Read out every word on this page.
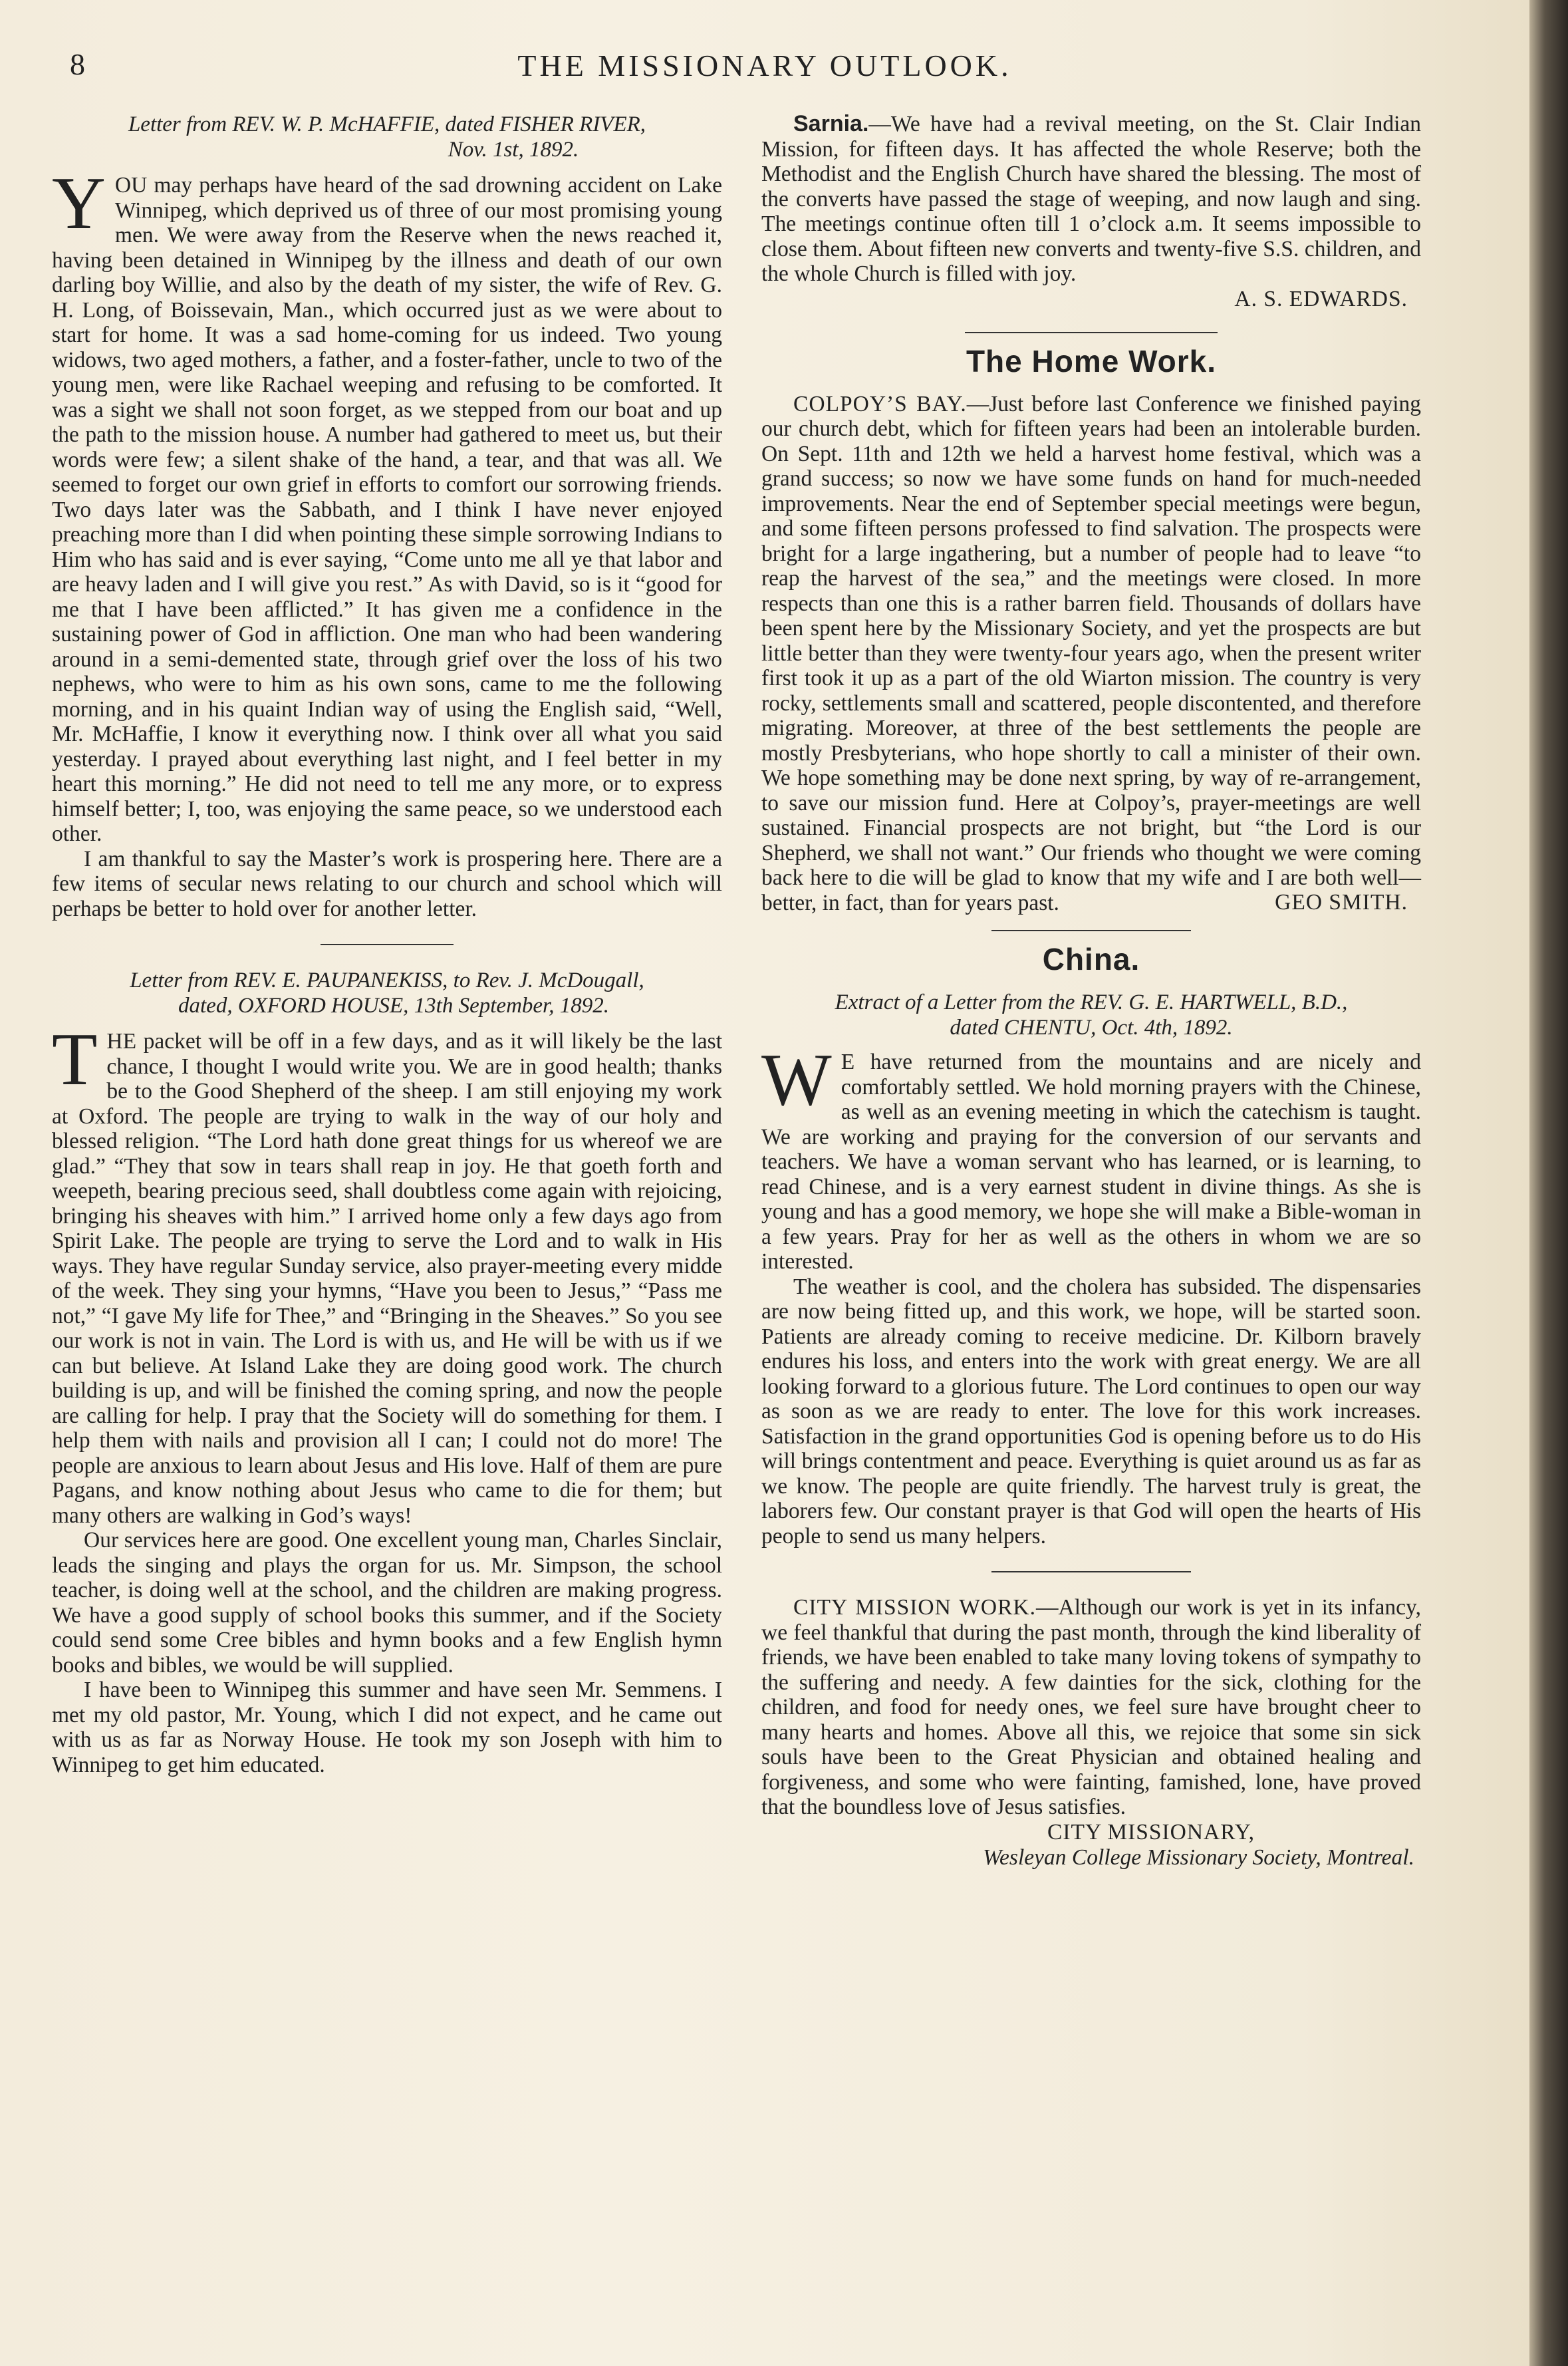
8	THE MISSIONARY OUTLOOK.

Letter from REV. W. P. McHAFFIE, dated FISHER RIVER,
Nov. 1st, 1892.

YOU may perhaps have heard of the sad drowning accident on Lake Winnipeg, which deprived us of three of our most promising young men. We were away from the Reserve when the news reached it, having been detained in Winnipeg by the illness and death of our own darling boy Willie, and also by the death of my sister, the wife of Rev. G. H. Long, of Boissevain, Man., which occurred just as we were about to start for home. It was a sad home-coming for us indeed. Two young widows, two aged mothers, a father, and a foster-father, uncle to two of the young men, were like Rachael weeping and refusing to be comforted. It was a sight we shall not soon forget, as we stepped from our boat and up the path to the mission house. A number had gathered to meet us, but their words were few; a silent shake of the hand, a tear, and that was all. We seemed to forget our own grief in efforts to comfort our sorrowing friends. Two days later was the Sabbath, and I think I have never enjoyed preaching more than I did when pointing these simple sorrowing Indians to Him who has said and is ever saying, “Come unto me all ye that labor and are heavy laden and I will give you rest.” As with David, so is it “good for me that I have been afflicted.” It has given me a confidence in the sustaining power of God in affliction. One man who had been wandering around in a semi-demented state, through grief over the loss of his two nephews, who were to him as his own sons, came to me the following morning, and in his quaint Indian way of using the English said, “Well, Mr. McHaffie, I know it everything now. I think over all what you said yesterday. I prayed about everything last night, and I feel better in my heart this morning.” He did not need to tell me any more, or to express himself better; I, too, was enjoying the same peace, so we understood each other.

I am thankful to say the Master’s work is prospering here. There are a few items of secular news relating to our church and school which will perhaps be better to hold over for another letter.

Letter from REV. E. PAUPANEKISS, to Rev. J. McDougall,
dated, OXFORD HOUSE, 13th September, 1892.

THE packet will be off in a few days, and as it will likely be the last chance, I thought I would write you. We are in good health; thanks be to the Good Shepherd of the sheep. I am still enjoying my work at Oxford. The people are trying to walk in the way of our holy and blessed religion. “The Lord hath done great things for us whereof we are glad.” “They that sow in tears shall reap in joy. He that goeth forth and weepeth, bearing precious seed, shall doubtless come again with rejoicing, bringing his sheaves with him.” I arrived home only a few days ago from Spirit Lake. The people are trying to serve the Lord and to walk in His ways. They have regular Sunday service, also prayer-meeting every midde of the week. They sing your hymns, “Have you been to Jesus,” “Pass me not,” “I gave My life for Thee,” and “Bringing in the Sheaves.” So you see our work is not in vain. The Lord is with us, and He will be with us if we can but believe. At Island Lake they are doing good work. The church building is up, and will be finished the coming spring, and now the people are calling for help. I pray that the Society will do something for them. I help them with nails and provision all I can; I could not do more! The people are anxious to learn about Jesus and His love. Half of them are pure Pagans, and know nothing about Jesus who came to die for them; but many others are walking in God’s ways!

Our services here are good. One excellent young man, Charles Sinclair, leads the singing and plays the organ for us. Mr. Simpson, the school teacher, is doing well at the school, and the children are making progress. We have a good supply of school books this summer, and if the Society could send some Cree bibles and hymn books and a few English hymn books and bibles, we would be will supplied.

I have been to Winnipeg this summer and have seen Mr. Semmens. I met my old pastor, Mr. Young, which I did not expect, and he came out with us as far as Norway House. He took my son Joseph with him to Winnipeg to get him educated.

Sarnia.—We have had a revival meeting, on the St. Clair Indian Mission, for fifteen days. It has affected the whole Reserve; both the Methodist and the English Church have shared the blessing. The most of the converts have passed the stage of weeping, and now laugh and sing. The meetings continue often till 1 o’clock a.m. It seems impossible to close them. About fifteen new converts and twenty-five S.S. children, and the whole Church is filled with joy.

A. S. EDWARDS.
The Home Work.

COLPOY’S BAY.—Just before last Conference we finished paying our church debt, which for fifteen years had been an intolerable burden. On Sept. 11th and 12th we held a harvest home festival, which was a grand success; so now we have some funds on hand for much-needed improvements. Near the end of September special meetings were begun, and some fifteen persons professed to find salvation. The prospects were bright for a large ingathering, but a number of people had to leave “to reap the harvest of the sea,” and the meetings were closed. In more respects than one this is a rather barren field. Thousands of dollars have been spent here by the Missionary Society, and yet the prospects are but little better than they were twenty-four years ago, when the present writer first took it up as a part of the old Wiarton mission. The country is very rocky, settlements small and scattered, people discontented, and therefore migrating. Moreover, at three of the best settlements the people are mostly Presbyterians, who hope shortly to call a minister of their own. We hope something may be done next spring, by way of re-arrangement, to save our mission fund. Here at Colpoy’s, prayer-meetings are well sustained. Financial prospects are not bright, but “the Lord is our Shepherd, we shall not want.” Our friends who thought we were coming back here to die will be glad to know that my wife and I are both well—better, in fact, than for years past.	GEO SMITH.
China.

Extract of a Letter from the REV. G. E. HARTWELL, B.D.,
dated CHENTU, Oct. 4th, 1892.

W E have returned from the mountains and are nicely and comfortably settled. We hold morning prayers with the Chinese, as well as an evening meeting in which the catechism is taught. We are working and praying for the conversion of our servants and teachers. We have a woman servant who has learned, or is learning, to read Chinese, and is a very earnest student in divine things. As she is young and has a good memory, we hope she will make a Bible-woman in a few years. Pray for her as well as the others in whom we are so interested.

The weather is cool, and the cholera has subsided. The dispensaries are now being fitted up, and this work, we hope, will be started soon. Patients are already coming to receive medicine. Dr. Kilborn bravely endures his loss, and enters into the work with great energy. We are all looking forward to a glorious future. The Lord continues to open our way as soon as we are ready to enter. The love for this work increases. Satisfaction in the grand opportunities God is opening before us to do His will brings contentment and peace. Everything is quiet around us as far as we know. The people are quite friendly. The harvest truly is great, the laborers few. Our constant prayer is that God will open the hearts of His people to send us many helpers.

CITY MISSION WORK.—Although our work is yet in its infancy, we feel thankful that during the past month, through the kind liberality of friends, we have been enabled to take many loving tokens of sympathy to the suffering and needy. A few dainties for the sick, clothing for the children, and food for needy ones, we feel sure have brought cheer to many hearts and homes. Above all this, we rejoice that some sin sick souls have been to the Great Physician and obtained healing and forgiveness, and some who were fainting, famished, lone, have proved that the boundless love of Jesus satisfies.

CITY MISSIONARY,
Wesleyan College Missionary Society, Montreal.
